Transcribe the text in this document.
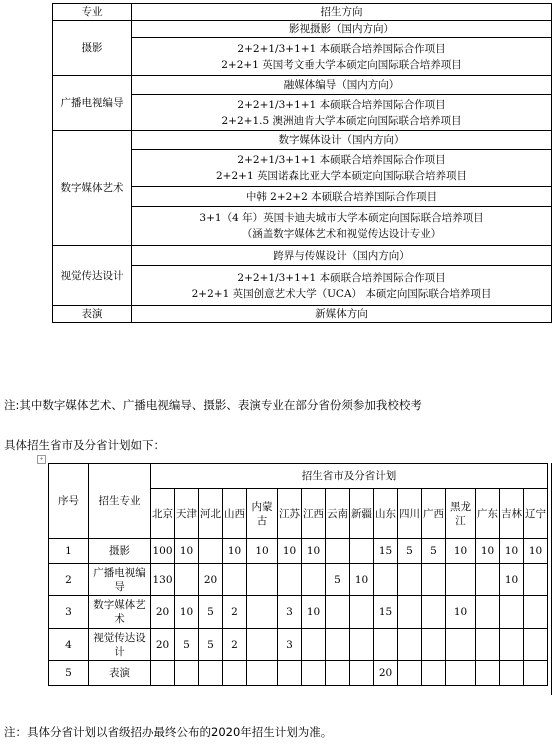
专业	招生方向
摄影	影视摄影（国内方向）

	2+2+1/3+1+1 本硕联合培养国际合作项目
2+2+1 英国考文垂大学本硕定向国际联合培养项目

广播电视编导	融媒体编导（国内方向）

	2+2+1/3+1+1 本硕联合培养国际合作项目
2+2+1.5 澳洲迪肯大学本硕定向国际联合培养项目

数字媒体艺术	数字媒体设计（国内方向）

	2+2+1/3+1+1 本硕联合培养国际合作项目
2+2+1 英国诺森比亚大学本硕定向国际联合培养项目

	中韩 2+2+2 本硕联合培养国际合作项目

	3+1（4 年）英国卡迪夫城市大学本硕定向国际联合培养项目
（涵盖数字媒体艺术和视觉传达设计专业）

视觉传达设计	跨界与传媒设计（国内方向）

	2+2+1/3+1+1 本硕联合培养国际合作项目
2+2+1 英国创意艺术大学（UCA） 本硕定向国际联合培养项目

表演	新媒体方向
注:其中数字媒体艺术、广播电视编导、摄影、表演专业在部分省份须参加我校校考
具体招生省市及分省计划如下：
+
序号	招生专业	招生省市及分省计划															
		北京	天津	河北	山西	内蒙古	江苏	江西	云南	新疆	山东	四川	广西	黑龙江	广东	吉林	辽宁
1	摄影	100	10		10	10	10	10			15	5	5	10	10	10	10
2	广播电视编导	130		20					5	10						10	
3	数字媒体艺术	20	10	5	2		3	10			15			10			
4	视觉传达设计	20	5	5	2		3										
5	表演										20						
注：具体分省计划以省级招办最终公布的2020年招生计划为准。
